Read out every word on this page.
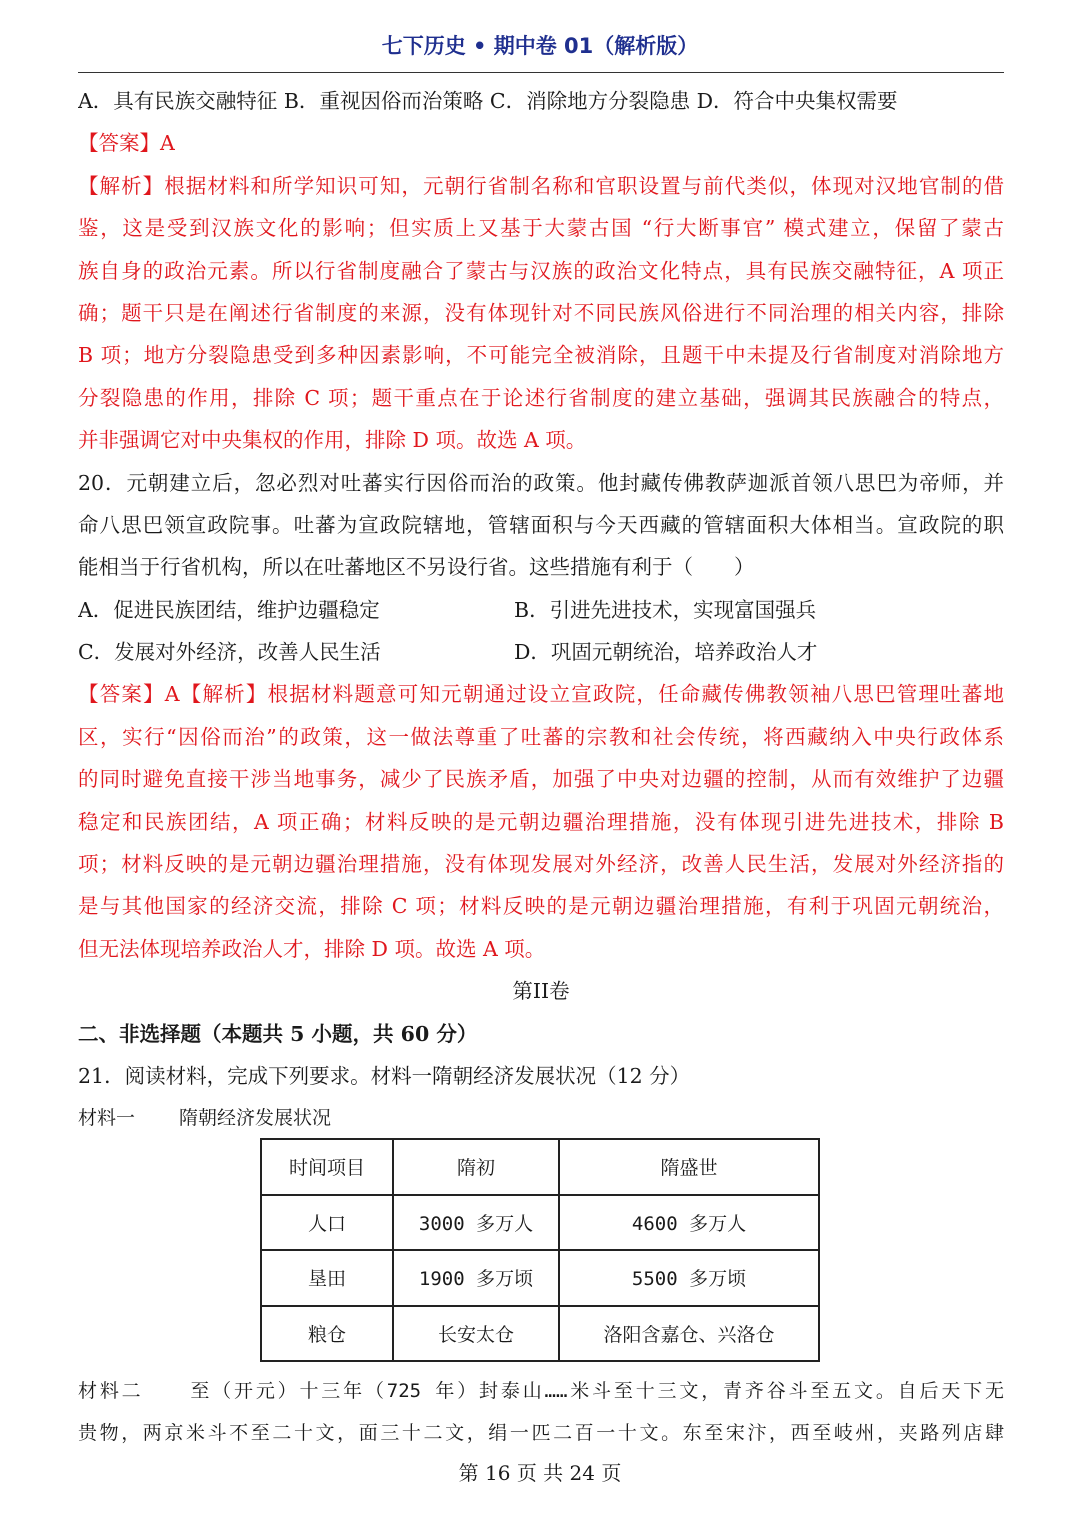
七下历史 • 期中卷 01（解析版）
A．具有民族交融特征 B．重视因俗而治策略 C．消除地方分裂隐患 D．符合中央集权需要
【答案】A
【解析】根据材料和所学知识可知，元朝行省制名称和官职设置与前代类似，体现对汉地官制的借
鉴，这是受到汉族文化的影响；但实质上又基于大蒙古国 “行大断事官” 模式建立，保留了蒙古
族自身的政治元素。所以行省制度融合了蒙古与汉族的政治文化特点，具有民族交融特征，A 项正
确；题干只是在阐述行省制度的来源，没有体现针对不同民族风俗进行不同治理的相关内容，排除
B 项；地方分裂隐患受到多种因素影响，不可能完全被消除，且题干中未提及行省制度对消除地方
分裂隐患的作用，排除 C 项；题干重点在于论述行省制度的建立基础，强调其民族融合的特点，
并非强调它对中央集权的作用，排除 D 项。故选 A 项。
20．元朝建立后，忽必烈对吐蕃实行因俗而治的政策。他封藏传佛教萨迦派首领八思巴为帝师，并
命八思巴领宣政院事。吐蕃为宣政院辖地，管辖面积与今天西藏的管辖面积大体相当。宣政院的职
能相当于行省机构，所以在吐蕃地区不另设行省。这些措施有利于（　　）
A．促进民族团结，维护边疆稳定	B．引进先进技术，实现富国强兵
C．发展对外经济，改善人民生活	D．巩固元朝统治，培养政治人才
【答案】A【解析】根据材料题意可知元朝通过设立宣政院，任命藏传佛教领袖八思巴管理吐蕃地
区，实行“因俗而治”的政策，这一做法尊重了吐蕃的宗教和社会传统，将西藏纳入中央行政体系
的同时避免直接干涉当地事务，减少了民族矛盾，加强了中央对边疆的控制，从而有效维护了边疆
稳定和民族团结，A 项正确；材料反映的是元朝边疆治理措施，没有体现引进先进技术，排除 B
项；材料反映的是元朝边疆治理措施，没有体现发展对外经济，改善人民生活，发展对外经济指的
是与其他国家的经济交流，排除 C 项；材料反映的是元朝边疆治理措施，有利于巩固元朝统治，
但无法体现培养政治人才，排除 D 项。故选 A 项。
第II卷
二、非选择题（本题共 5 小题，共 60 分）
21．阅读材料，完成下列要求。材料一隋朝经济发展状况（12 分）
材料一 隋朝经济发展状况
时间项目	隋初	隋盛世
人口	3000 多万人	4600 多万人
垦田	1900 多万顷	5500 多万顷
粮仓	长安太仓	洛阳含嘉仓、兴洛仓
材料二 至（开元）十三年（725 年）封泰山……米斗至十三文，青齐谷斗至五文。自后天下无
贵物，两京米斗不至二十文，面三十二文，绢一匹二百一十文。东至宋汴，西至岐州，夹路列店肆
第 16 页 共 24 页
